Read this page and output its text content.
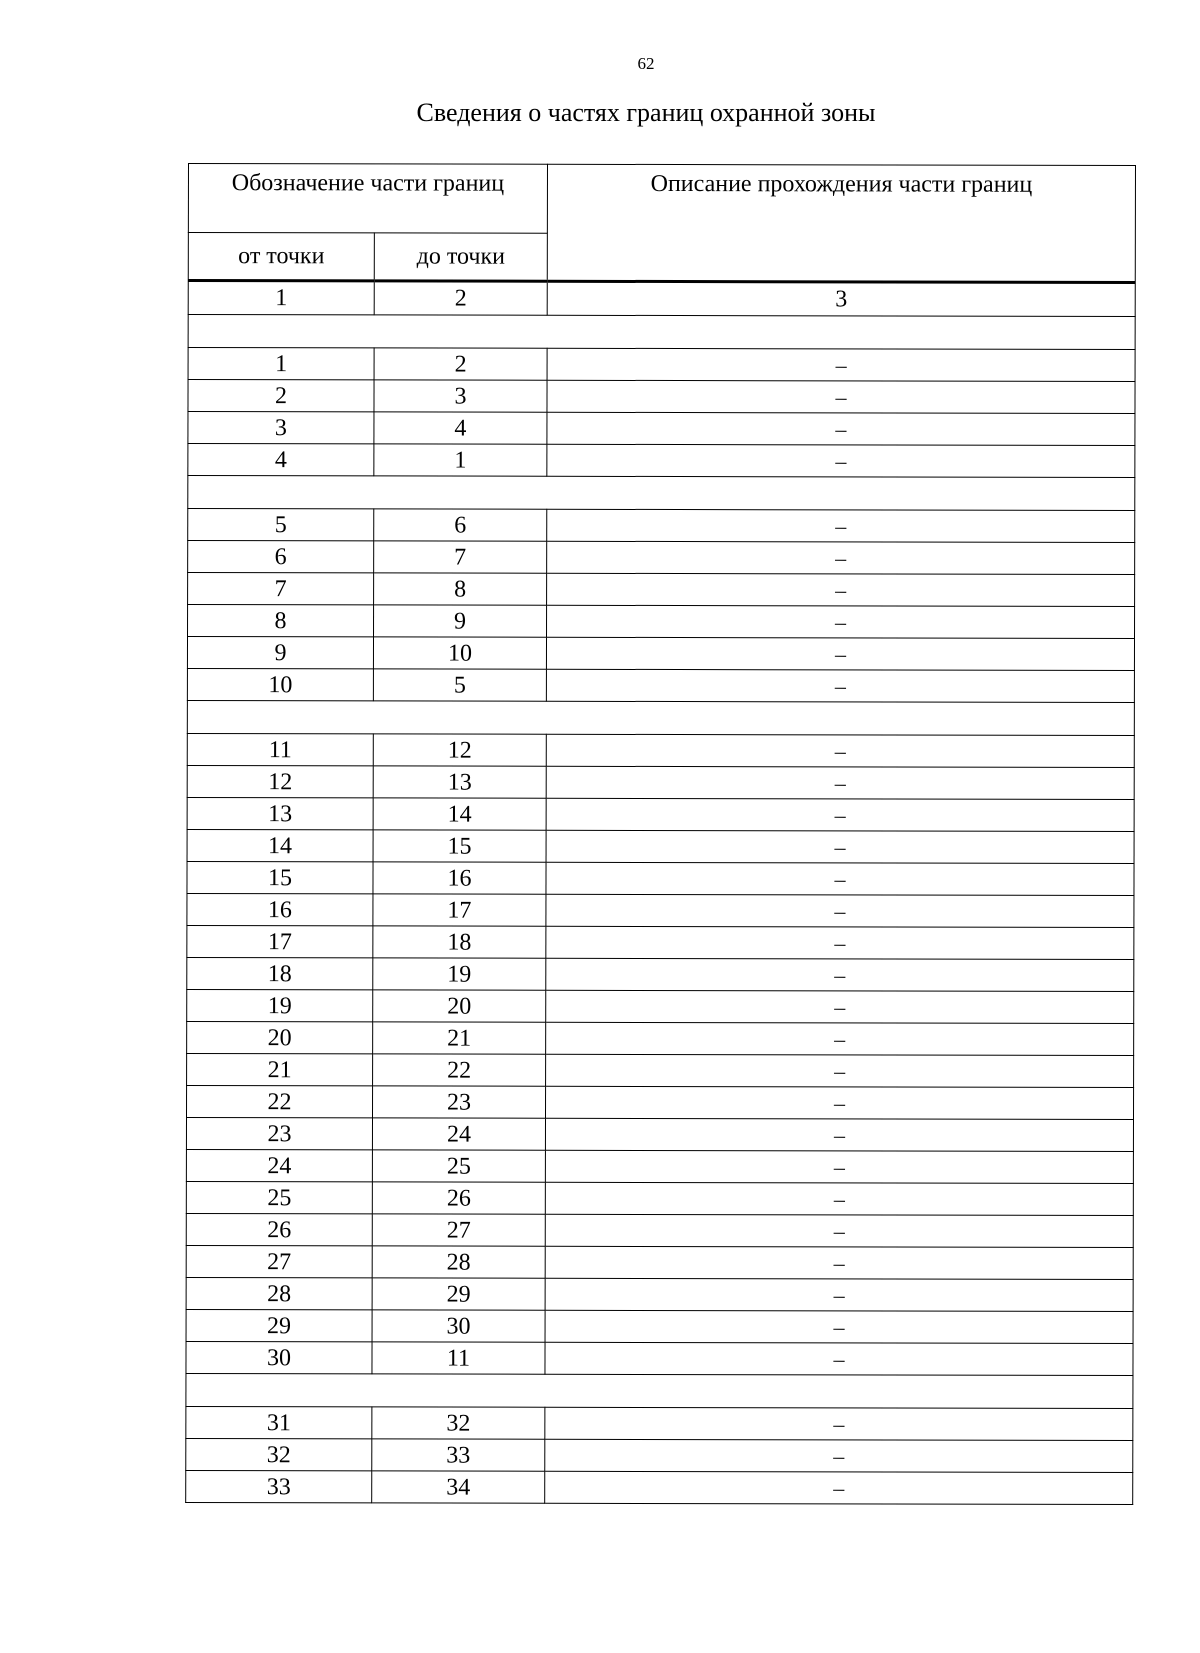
62
Сведения о частях границ охранной зоны
Обозначение части границ		Описание прохождения части границ

от точки	до точки	
1	2	3

1	2	–
2	3	–
3	4	–
4	1	–

5	6	–
6	7	–
7	8	–
8	9	–
9	10	–
10	5	–

11	12	–
12	13	–
13	14	–
14	15	–
15	16	–
16	17	–
17	18	–
18	19	–
19	20	–
20	21	–
21	22	–
22	23	–
23	24	–
24	25	–
25	26	–
26	27	–
27	28	–
28	29	–
29	30	–
30	11	–

31	32	–
32	33	–
33	34	–
